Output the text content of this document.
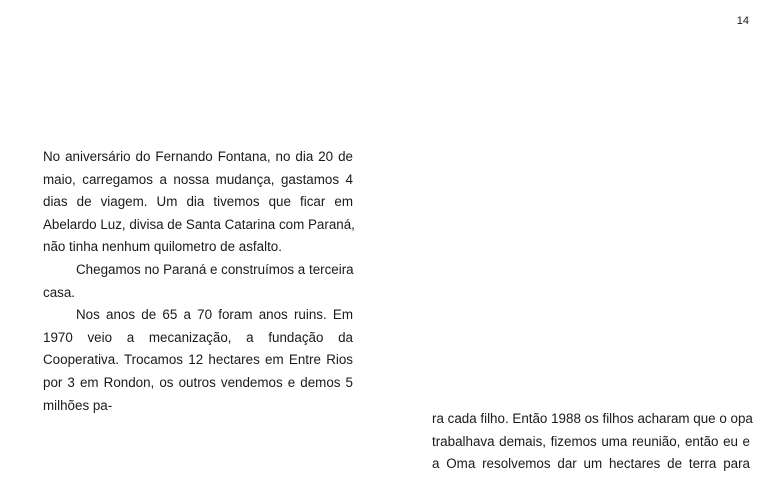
14

No aniversário do Fernando Fontana, no dia 20 de
maio, carregamos a nossa mudança, gastamos 4
dias de viagem. Um dia tivemos que ficar em
Abelardo Luz, divisa de Santa Catarina com Paraná,
não tinha nenhum quilometro de asfalto.

Chegamos no Paraná e construímos a terceira
casa.

Nos anos de 65 a 70 foram anos ruins. Em
1970 veio a mecanização, a fundação da
Cooperativa. Trocamos 12 hectares em Entre Rios
por 3 em Rondon, os outros vendemos e demos 5
milhões pa-

ra cada filho. Então 1988 os filhos acharam que o opa
trabalhava demais, fizemos uma reunião, então eu e
a Oma resolvemos dar um hectares de terra para
